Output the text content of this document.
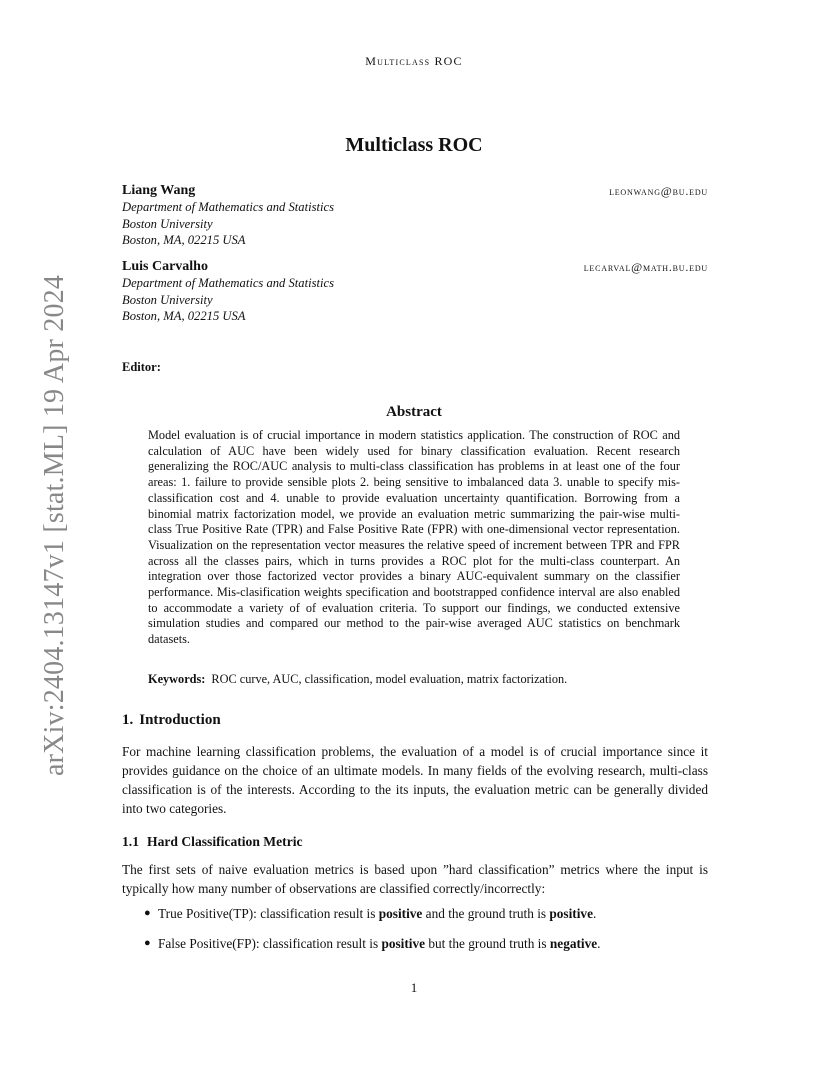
arXiv:2404.13147v1 [stat.ML] 19 Apr 2024
Multiclass ROC
Multiclass ROC
Liang Wang	leonwang@bu.edu
Department of Mathematics and Statistics
Boston University
Boston, MA, 02215 USA
Luis Carvalho	lecarval@math.bu.edu
Department of Mathematics and Statistics
Boston University
Boston, MA, 02215 USA
Editor:
Abstract
Model evaluation is of crucial importance in modern statistics application. The construction of ROC and calculation of AUC have been widely used for binary classification evaluation. Recent research generalizing the ROC/AUC analysis to multi-class classification has problems in at least one of the four areas: 1. failure to provide sensible plots 2. being sensitive to imbalanced data 3. unable to specify mis-classification cost and 4. unable to provide evaluation uncertainty quantification. Borrowing from a binomial matrix factorization model, we provide an evaluation metric summarizing the pair-wise multi-class True Positive Rate (TPR) and False Positive Rate (FPR) with one-dimensional vector representation. Visualization on the representation vector measures the relative speed of increment between TPR and FPR across all the classes pairs, which in turns provides a ROC plot for the multi-class counterpart. An integration over those factorized vector provides a binary AUC-equivalent summary on the classifier performance. Mis-clasification weights specification and bootstrapped confidence interval are also enabled to accommodate a variety of of evaluation criteria. To support our findings, we conducted extensive simulation studies and compared our method to the pair-wise averaged AUC statistics on benchmark datasets.
Keywords: ROC curve, AUC, classification, model evaluation, matrix factorization.
1. Introduction
For machine learning classification problems, the evaluation of a model is of crucial importance since it provides guidance on the choice of an ultimate models. In many fields of the evolving research, multi-class classification is of the interests. According to the its inputs, the evaluation metric can be generally divided into two categories.
1.1 Hard Classification Metric
The first sets of naive evaluation metrics is based upon ”hard classification” metrics where the input is typically how many number of observations are classified correctly/incorrectly:
● True Positive(TP): classification result is positive and the ground truth is positive.
● False Positive(FP): classification result is positive but the ground truth is negative.
1
